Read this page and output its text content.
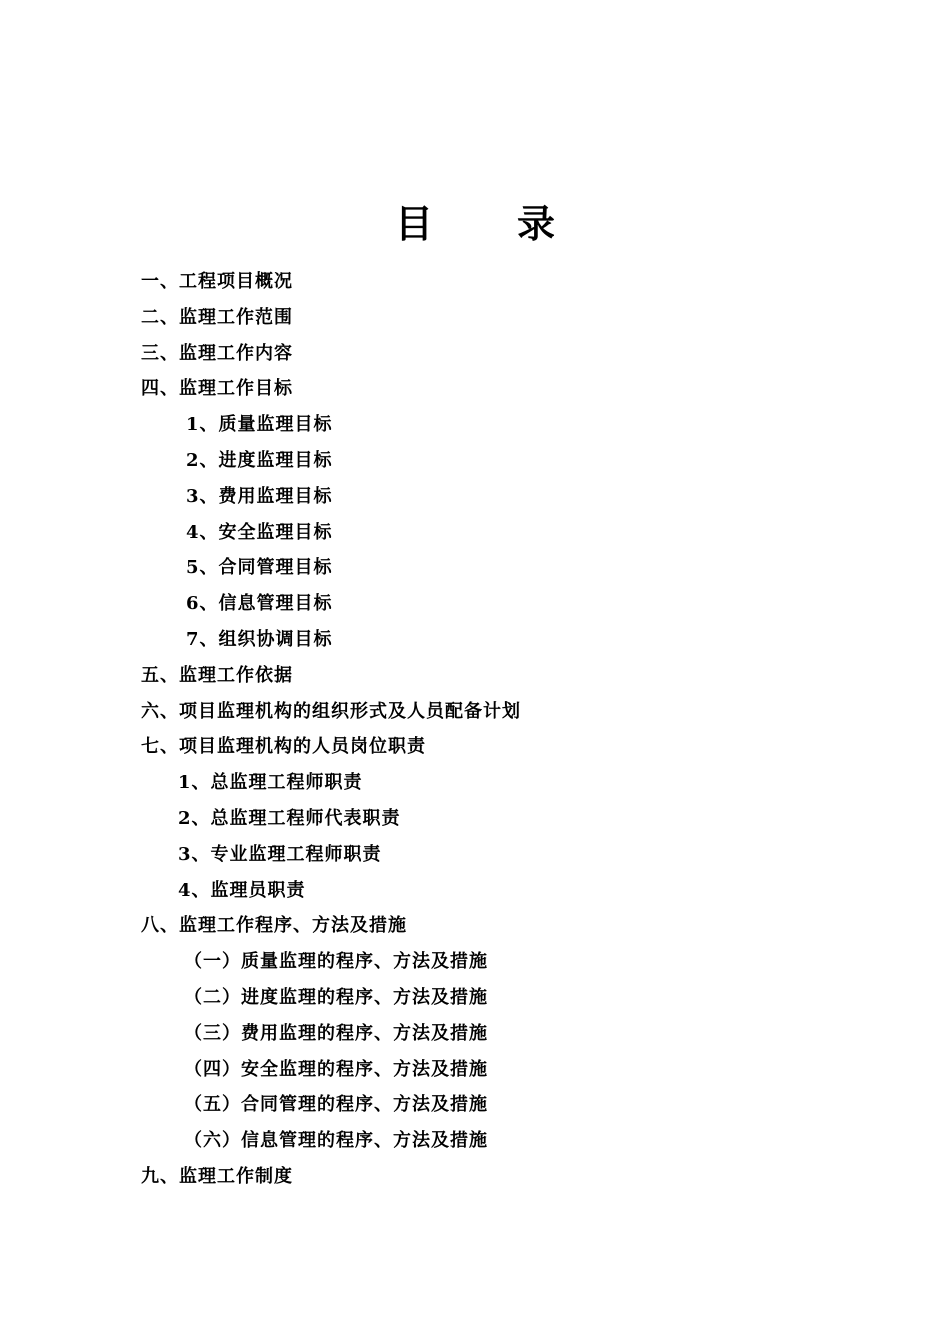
目 录
一、工程项目概况
二、监理工作范围
三、监理工作内容
四、监理工作目标
1、质量监理目标
2、进度监理目标
3、费用监理目标
4、安全监理目标
5、合同管理目标
6、信息管理目标
7、组织协调目标
五、监理工作依据
六、项目监理机构的组织形式及人员配备计划
七、项目监理机构的人员岗位职责
1、总监理工程师职责
2、总监理工程师代表职责
3、专业监理工程师职责
4、监理员职责
八、监理工作程序、方法及措施
（一）质量监理的程序、方法及措施
（二）进度监理的程序、方法及措施
（三）费用监理的程序、方法及措施
（四）安全监理的程序、方法及措施
（五）合同管理的程序、方法及措施
（六）信息管理的程序、方法及措施
九、监理工作制度
